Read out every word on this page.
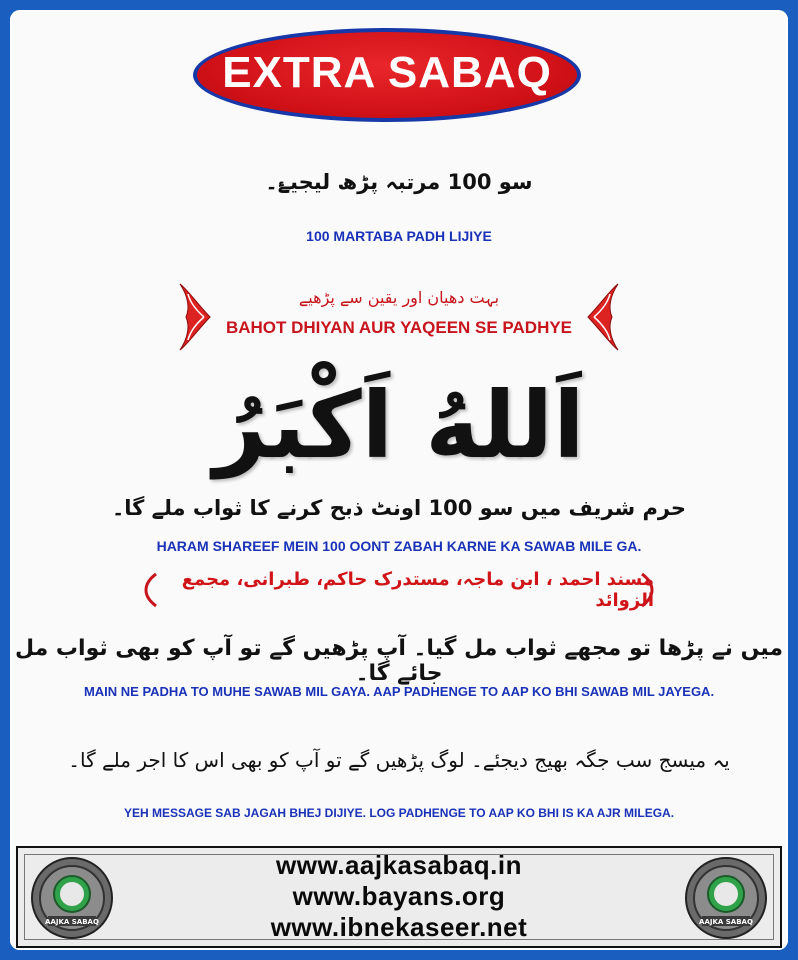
EXTRA SABAQ
سو 100 مرتبہ پڑھ لیجیۓ۔
100 MARTABA PADH LIJIYE
بہت دھیان اور یقین سے پڑھیے
BAHOT DHIYAN AUR YAQEEN SE PADHYE
اَللهُ اَكْبَرُ
حرم شریف میں سو 100 اونٹ ذبح کرنے کا ثواب ملے گا۔
HARAM SHAREEF MEIN 100 OONT ZABAH KARNE KA SAWAB MILE GA.
مسند احمد ، ابن ماجہ، مستدرک حاکم، طبرانی، مجمع الزوائد
میں نے پڑھا تو مجھے ثواب مل گیا۔ آپ پڑھیں گے تو آپ کو بھی ثواب مل جائے گا۔
MAIN NE PADHA TO MUHE SAWAB MIL GAYA. AAP PADHENGE TO AAP KO BHI SAWAB MIL JAYEGA.
یہ میسج سب جگہ بھیج دیجئے۔ لوگ پڑھیں گے تو آپ کو بھی اس کا اجر ملے گا۔
YEH MESSAGE SAB JAGAH BHEJ DIJIYE. LOG PADHENGE TO AAP KO BHI IS KA AJR MILEGA.
AAJKA SABAQ
www.aajkasabaq.in
www.bayans.org
www.ibnekaseer.net	AAJKA SABAQ
